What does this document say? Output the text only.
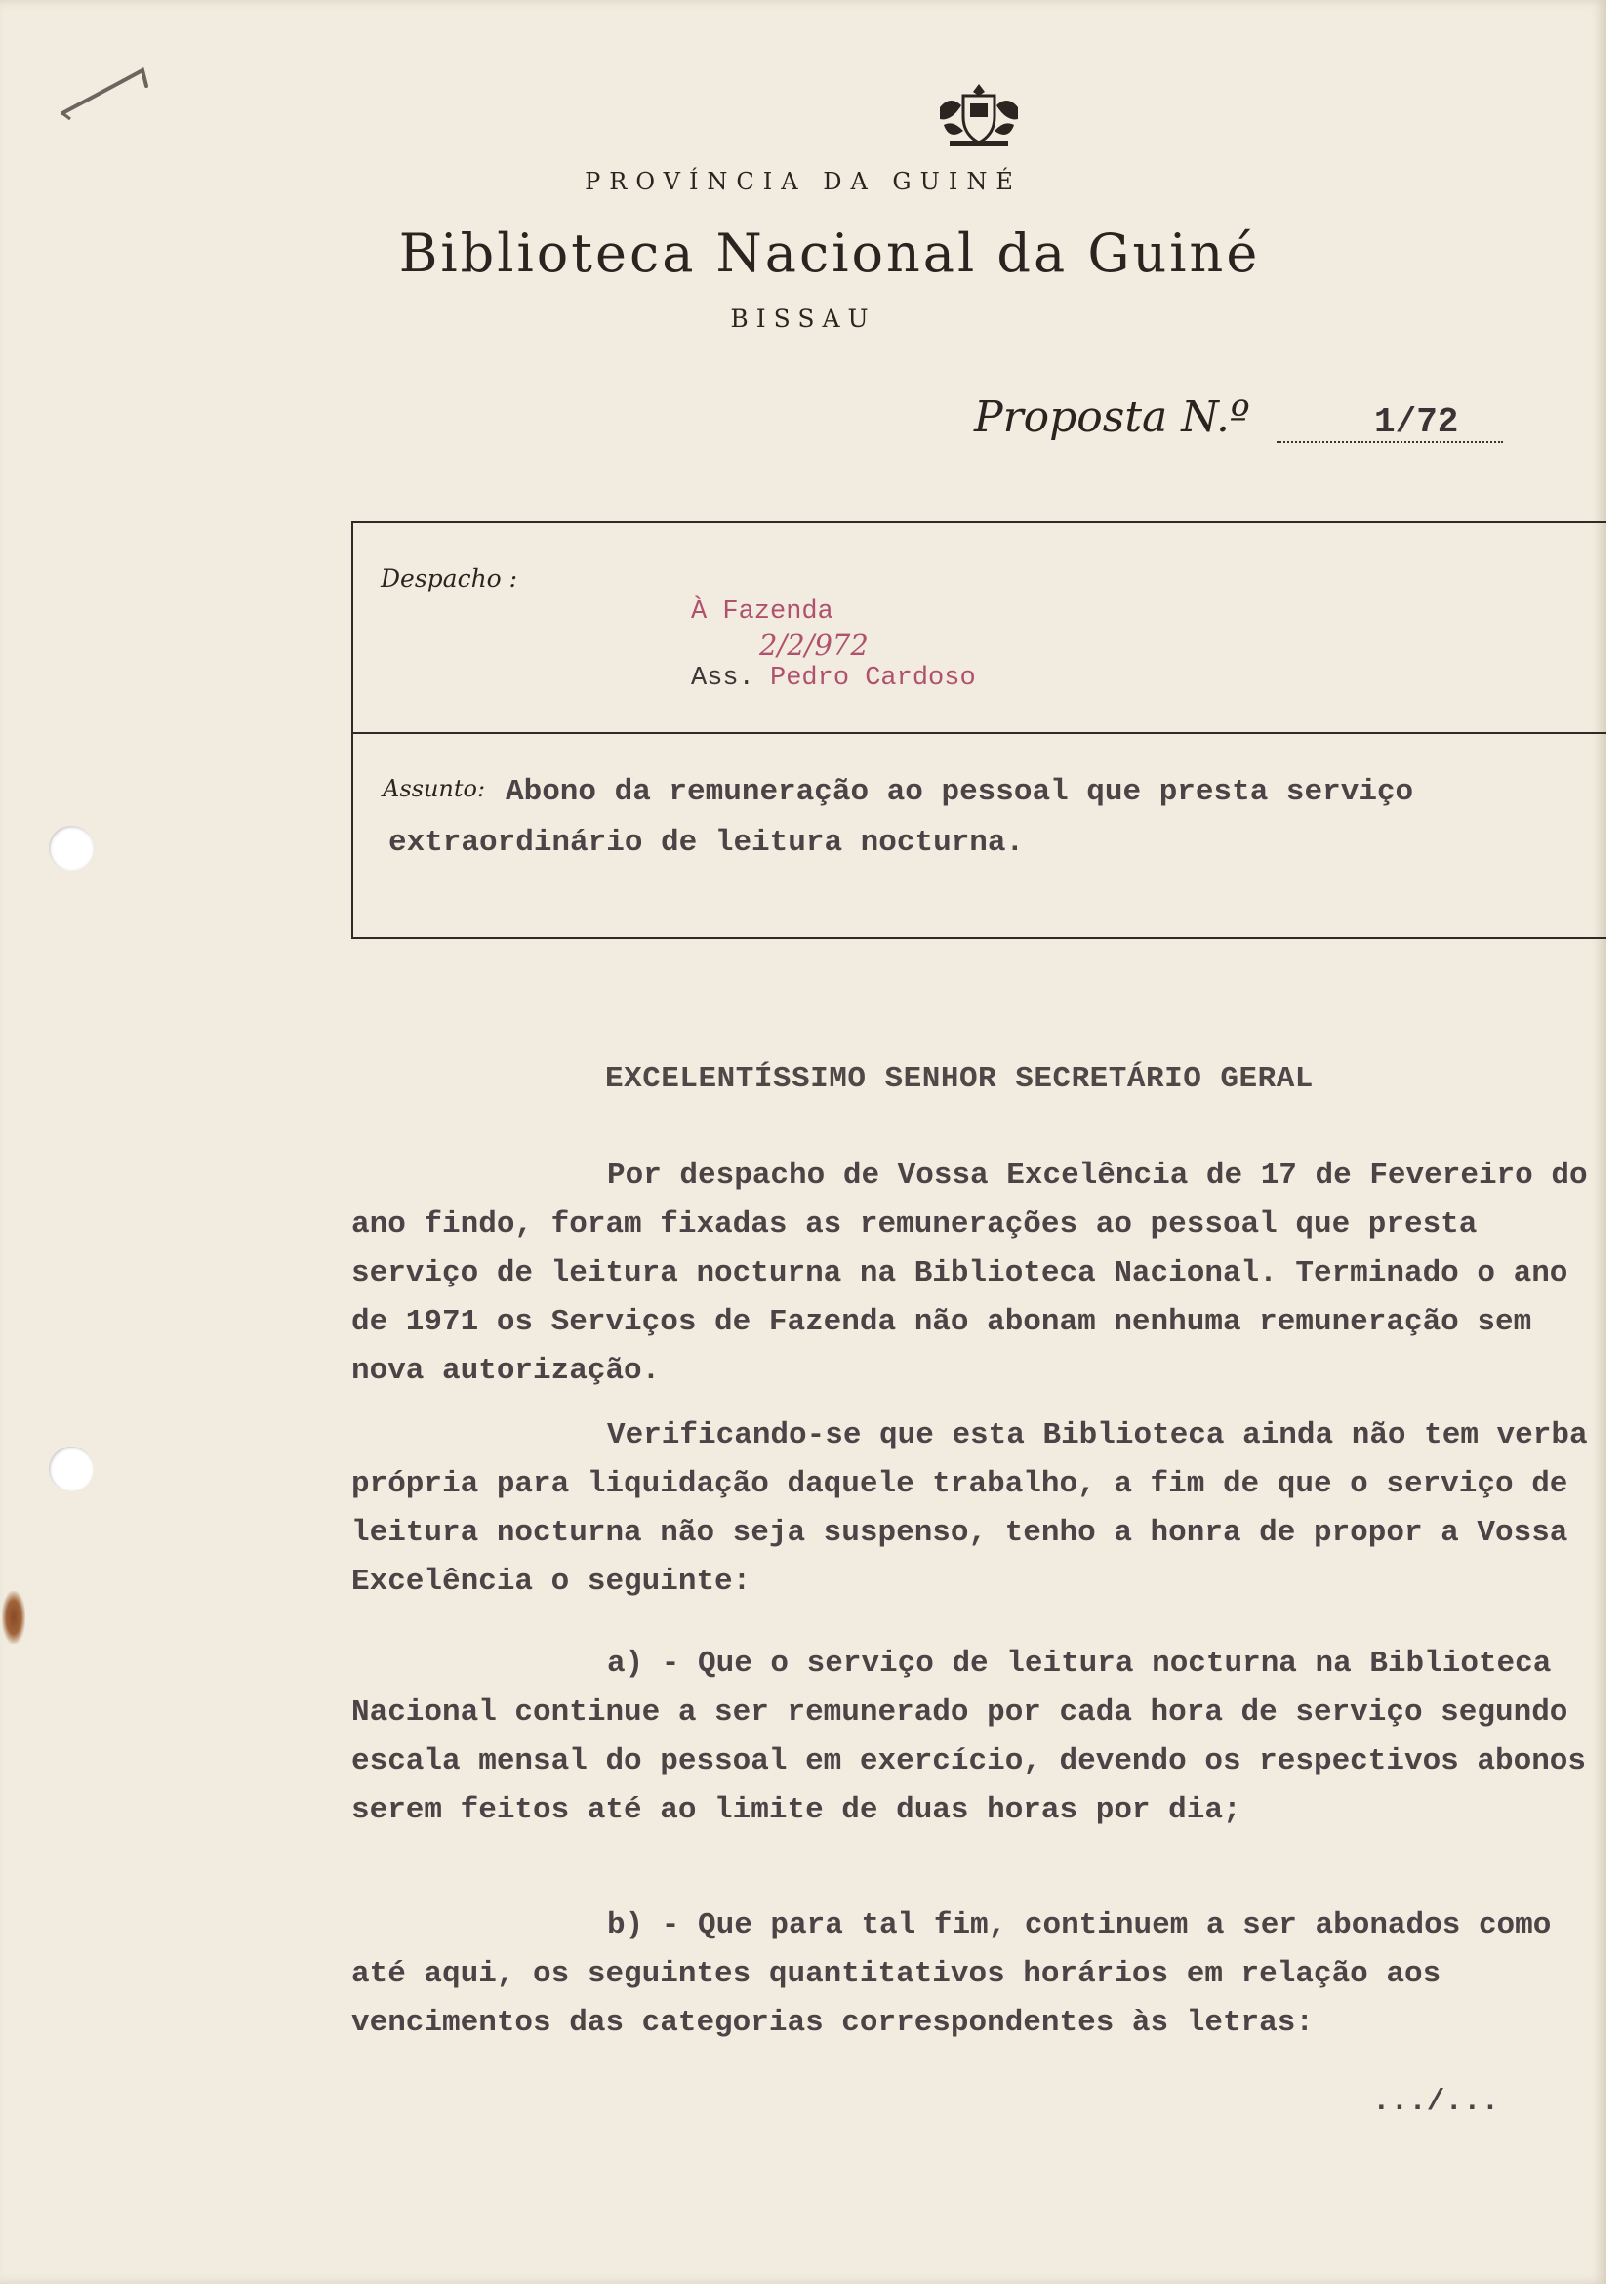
PROVÍNCIA DA GUINÉ
Biblioteca Nacional da Guiné
BISSAU
Proposta N.º	1/72
Despacho :
À Fazenda
2/2/972
Ass. Pedro Cardoso
Assunto: Abono da remuneração ao pessoal que presta serviço extraordinário de leitura nocturna.
EXCELENTÍSSIMO SENHOR SECRETÁRIO GERAL
Por despacho de Vossa Excelência de 17 de Fevereiro do ano findo, foram fixadas as remunerações ao pessoal que presta serviço de leitura nocturna na Biblioteca Nacional. Terminado o ano de 1971 os Serviços de Fazenda não abonam nenhuma remuneração sem nova autorização.
Verificando-se que esta Biblioteca ainda não tem verba própria para liquidação daquele trabalho, a fim de que o serviço de leitura nocturna não seja suspenso, tenho a honra de propor a Vossa Excelência o seguinte:
a) - Que o serviço de leitura nocturna na Biblioteca Nacional continue a ser remunerado por cada hora de serviço segundo escala mensal do pessoal em exercício, devendo os respectivos abonos serem feitos até ao limite de duas horas por dia;
b) - Que para tal fim, continuem a ser abonados como até aqui, os seguintes quantitativos horários em relação aos vencimentos das categorias correspondentes às letras:
.../...
